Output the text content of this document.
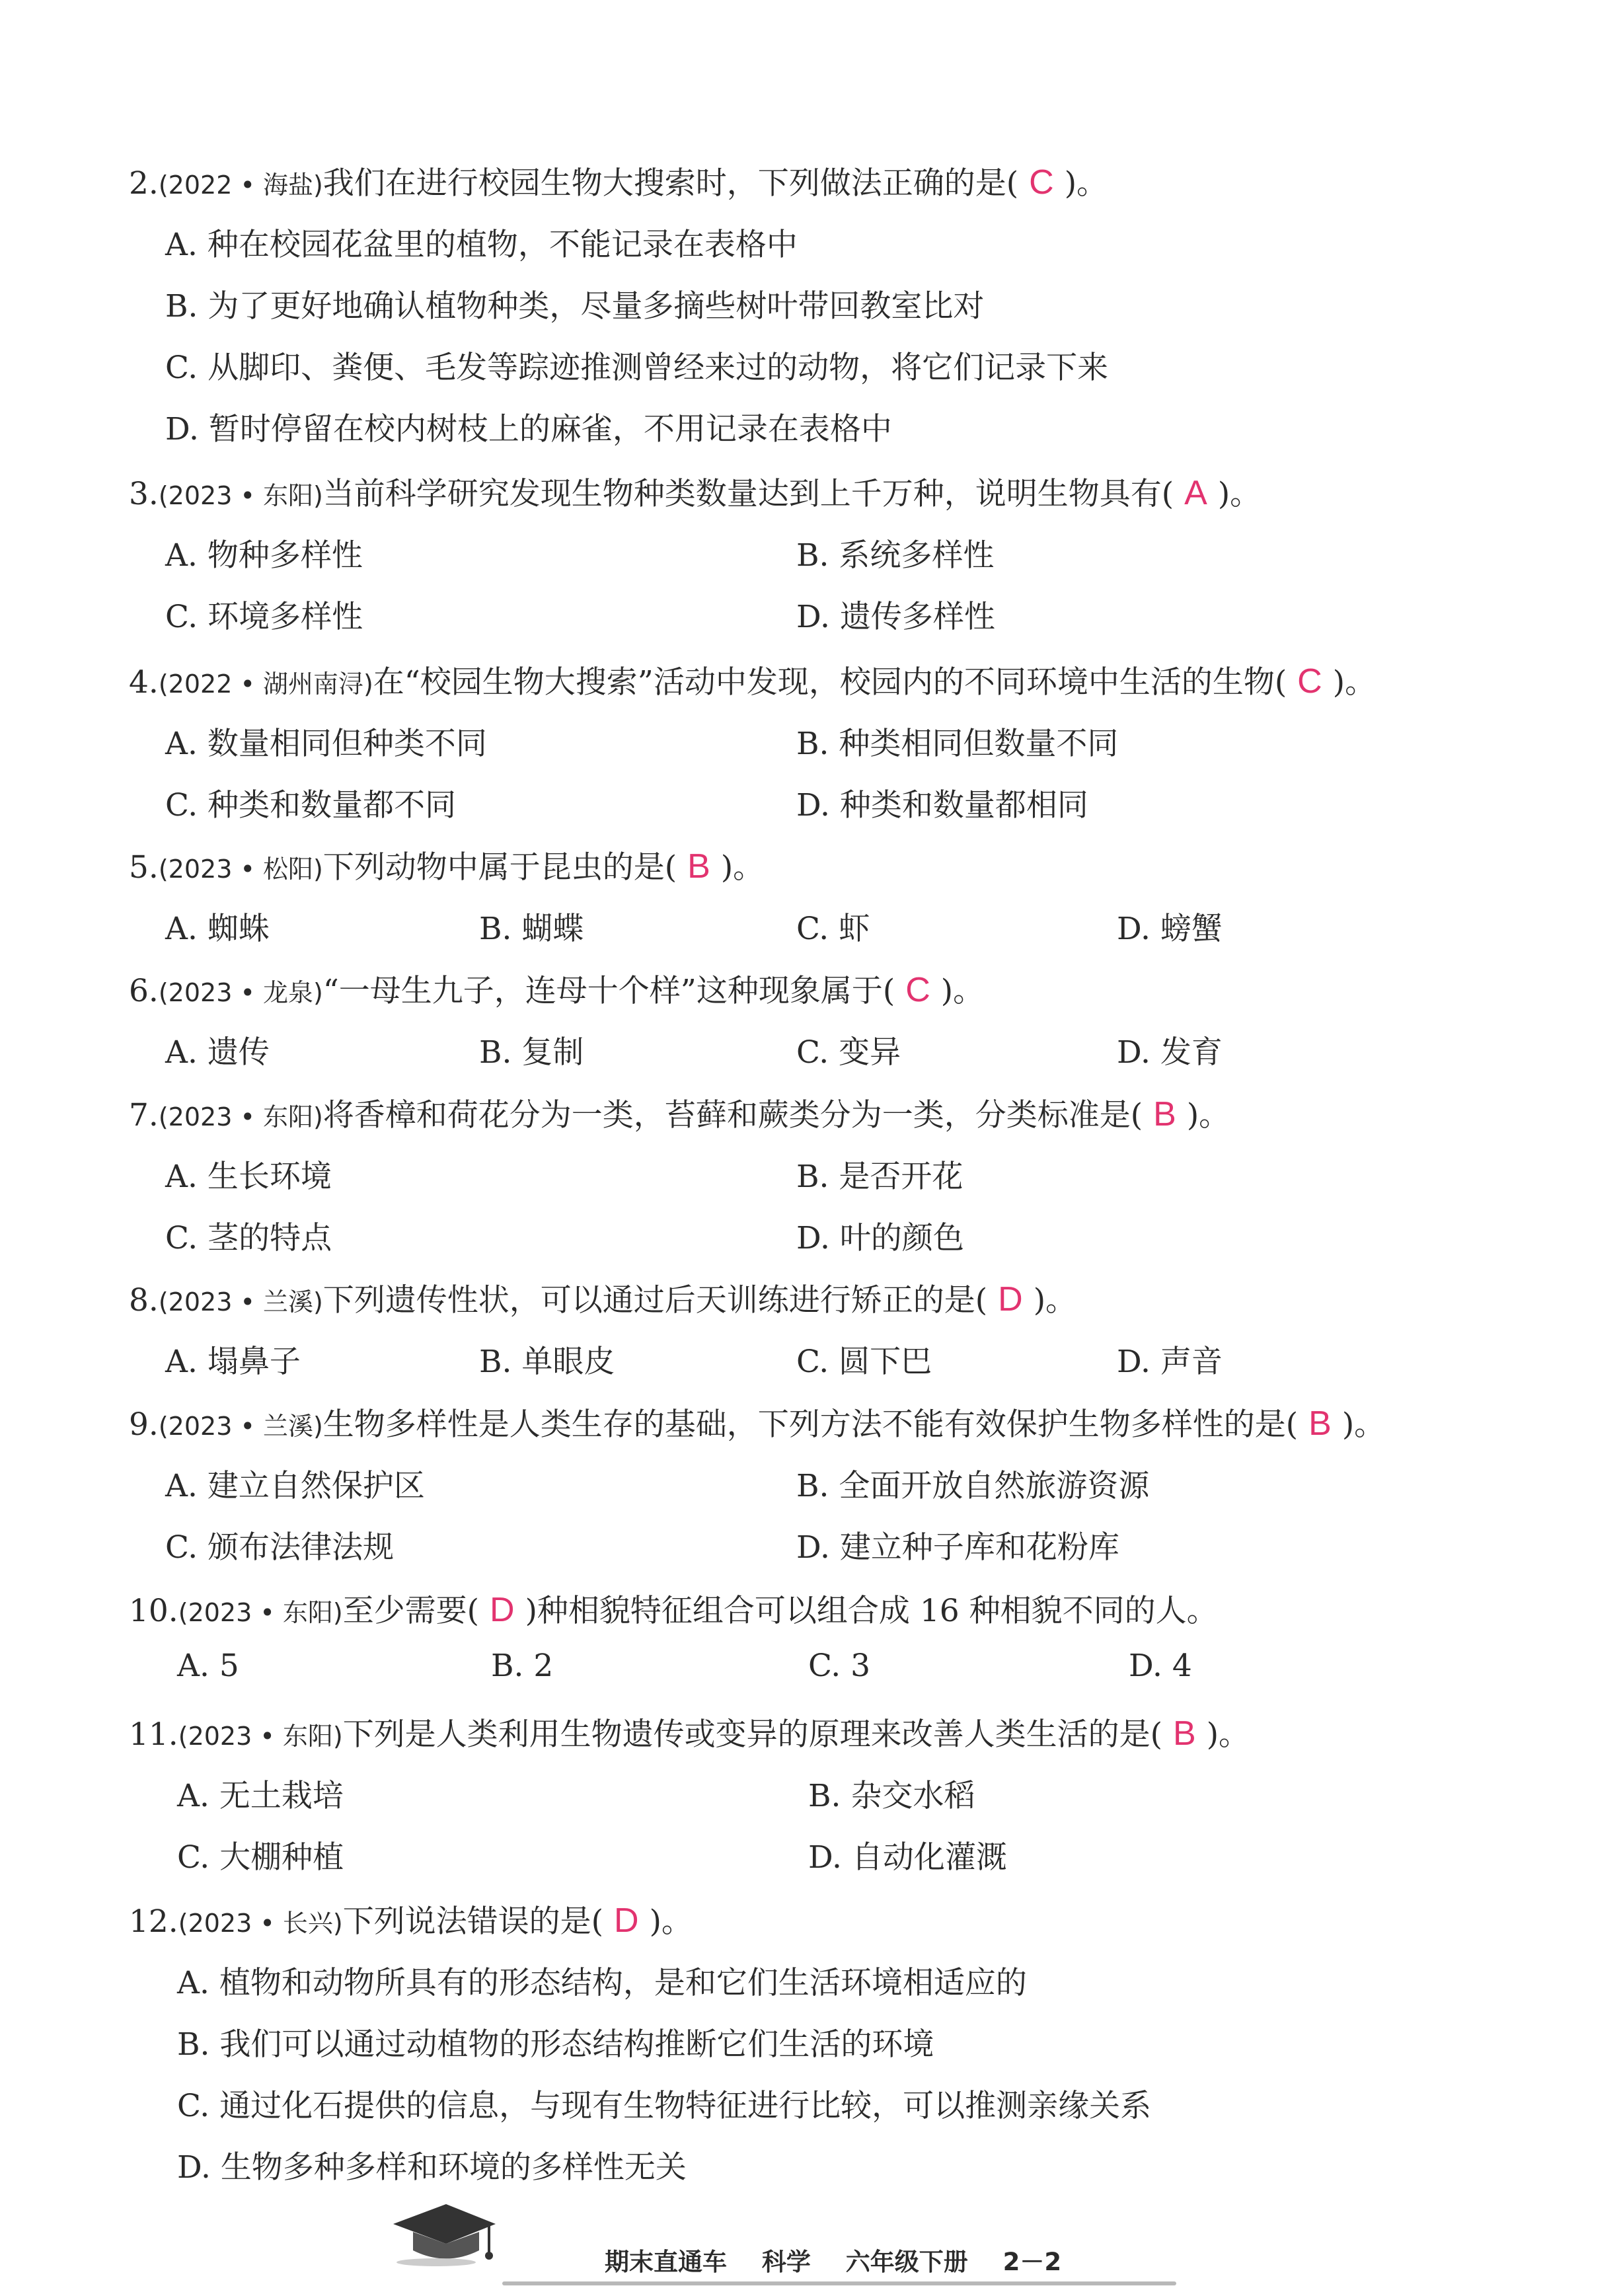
2.(2022 • 海盐)我们在进行校园生物大搜索时，下列做法正确的是( C )。
A. 种在校园花盆里的植物，不能记录在表格中
B. 为了更好地确认植物种类，尽量多摘些树叶带回教室比对
C. 从脚印、粪便、毛发等踪迹推测曾经来过的动物，将它们记录下来
D. 暂时停留在校内树枝上的麻雀，不用记录在表格中
3.(2023 • 东阳)当前科学研究发现生物种类数量达到上千万种，说明生物具有( A )。
A. 物种多样性	B. 系统多样性
C. 环境多样性	D. 遗传多样性
4.(2022 • 湖州南浔)在“校园生物大搜索”活动中发现，校园内的不同环境中生活的生物( C )。
A. 数量相同但种类不同	B. 种类相同但数量不同
C. 种类和数量都不同	D. 种类和数量都相同
5.(2023 • 松阳)下列动物中属于昆虫的是( B )。
A. 蜘蛛	B. 蝴蝶	C. 虾	D. 螃蟹
6.(2023 • 龙泉)“一母生九子，连母十个样”这种现象属于( C )。
A. 遗传	B. 复制	C. 变异	D. 发育
7.(2023 • 东阳)将香樟和荷花分为一类，苔藓和蕨类分为一类，分类标准是( B )。
A. 生长环境	B. 是否开花
C. 茎的特点	D. 叶的颜色
8.(2023 • 兰溪)下列遗传性状，可以通过后天训练进行矫正的是( D )。
A. 塌鼻子	B. 单眼皮	C. 圆下巴	D. 声音
9.(2023 • 兰溪)生物多样性是人类生存的基础，下列方法不能有效保护生物多样性的是( B )。
A. 建立自然保护区	B. 全面开放自然旅游资源
C. 颁布法律法规	D. 建立种子库和花粉库
10.(2023 • 东阳)至少需要( D )种相貌特征组合可以组合成 16 种相貌不同的人。
A. 5	B. 2	C. 3	D. 4
11.(2023 • 东阳)下列是人类利用生物遗传或变异的原理来改善人类生活的是( B )。
A. 无土栽培	B. 杂交水稻
C. 大棚种植	D. 自动化灌溉
12.(2023 • 长兴)下列说法错误的是( D )。
A. 植物和动物所具有的形态结构，是和它们生活环境相适应的
B. 我们可以通过动植物的形态结构推断它们生活的环境
C. 通过化石提供的信息，与现有生物特征进行比较，可以推测亲缘关系
D. 生物多种多样和环境的多样性无关
期末直通车 科学 六年级下册 2－2
